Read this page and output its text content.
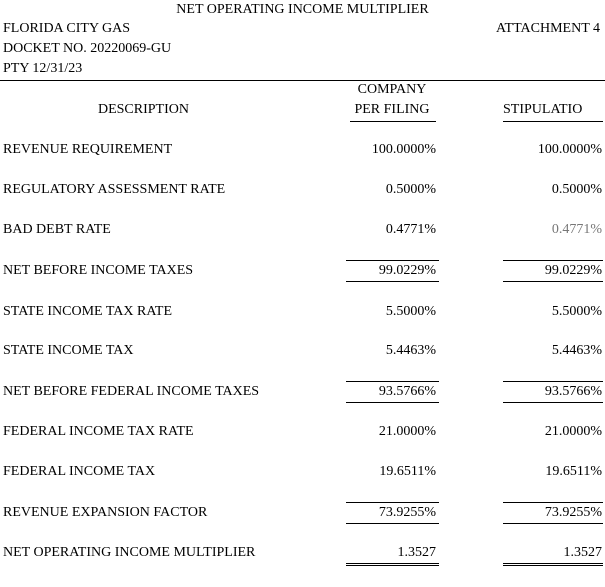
NET OPERATING INCOME MULTIPLIER
FLORIDA CITY GAS
DOCKET NO. 20220069-GU
PTY 12/31/23
ATTACHMENT 4
DESCRIPTION
COMPANY
PER FILING	STIPULATIO
REVENUE REQUIREMENT	100.0000%	100.0000%
REGULATORY ASSESSMENT RATE	0.5000%	0.5000%
BAD DEBT RATE	0.4771%	0.4771%
NET BEFORE INCOME TAXES	99.0229%	99.0229%
STATE INCOME TAX RATE	5.5000%	5.5000%
STATE INCOME TAX	5.4463%	5.4463%
NET BEFORE FEDERAL INCOME TAXES	93.5766%	93.5766%
FEDERAL INCOME TAX RATE	21.0000%	21.0000%
FEDERAL INCOME TAX	19.6511%	19.6511%
REVENUE EXPANSION FACTOR	73.9255%	73.9255%
NET OPERATING INCOME MULTIPLIER	1.3527	1.3527
